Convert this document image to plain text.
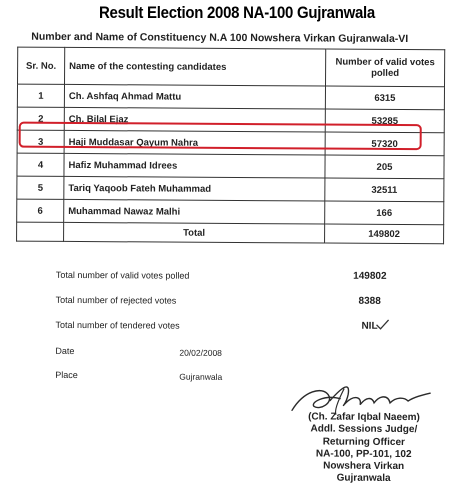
Result Election 2008 NA-100 Gujranwala
Number and Name of Constituency N.A 100 Nowshera Virkan Gujranwala-VI
Sr. No.	Name of the contesting candidates	Number of valid votes polled
1	Ch. Ashfaq Ahmad Mattu	6315
2	Ch. Bilal Ejaz	53285
3	Haji Muddasar Qayum Nahra	57320
4	Hafiz Muhammad Idrees	205
5	Tariq Yaqoob Fateh Muhammad	32511
6	Muhammad Nawaz Malhi	166
	Total	149802
Total number of valid votes polled	149802
Total number of rejected votes	8388
Total number of tendered votes	NIL
Date	20/02/2008
Place	Gujranwala
(Ch. Zafar Iqbal Naeem)
Addl. Sessions Judge/
Returning Officer
NA-100, PP-101, 102
Nowshera Virkan
Gujranwala
